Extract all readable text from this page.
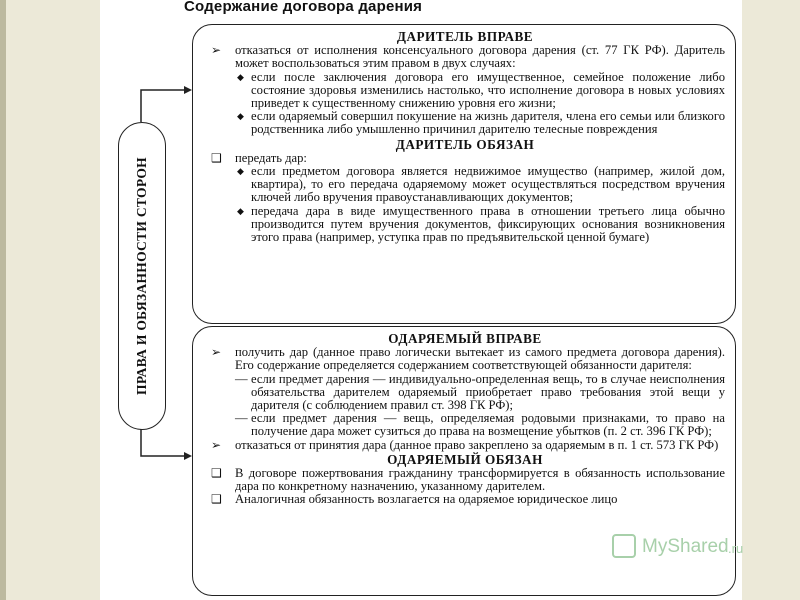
Содержание договора дарения
ПРАВА И ОБЯЗАННОСТИ СТОРОН
ДАРИТЕЛЬ ВПРАВЕ
➢ отказаться от исполнения консенсуального договора дарения (ст. 77 ГК РФ). Даритель может воспользоваться этим правом в двух случаях:
◆ если после заключения договора его имущественное, семейное положение либо состояние здоровья изменились настолько, что исполнение договора в новых условиях приведет к существенному снижению уровня его жизни;
◆ если одаряемый совершил покушение на жизнь дарителя, члена его семьи или близкого родственника либо умышленно причинил дарителю телесные повреждения
ДАРИТЕЛЬ ОБЯЗАН
❑ передать дар:
◆ если предметом договора является недвижимое имущество (например, жилой дом, квартира), то его передача одаряемому может осуществляться посредством вручения ключей либо вручения правоустанавливающих документов;
◆ передача дара в виде имущественного права в отношении третьего лица обычно производится путем вручения документов, фиксирующих основания возникновения этого права (например, уступка прав по предъявительской ценной бумаге)
ОДАРЯЕМЫЙ ВПРАВЕ
➢ получить дар (данное право логически вытекает из самого предмета договора дарения). Его содержание определяется содержанием соответствующей обязанности дарителя:
— если предмет дарения — индивидуально-определенная вещь, то в случае неисполнения обязательства дарителем одаряемый приобретает право требования этой вещи у дарителя (с соблюдением правил ст. 398 ГК РФ);
— если предмет дарения — вещь, определяемая родовыми признаками, то право на получение дара может сузиться до права на возмещение убытков (п. 2 ст. 396 ГК РФ);
➢ отказаться от принятия дара (данное право закреплено за одаряемым в п. 1 ст. 573 ГК РФ)
ОДАРЯЕМЫЙ ОБЯЗАН
❑ В договоре пожертвования гражданину трансформируется в обязанность использование дара по конкретному назначению, указанному дарителем.
❑ Аналогичная обязанность возлагается на одаряемое юридическое лицо
MyShared .ru
